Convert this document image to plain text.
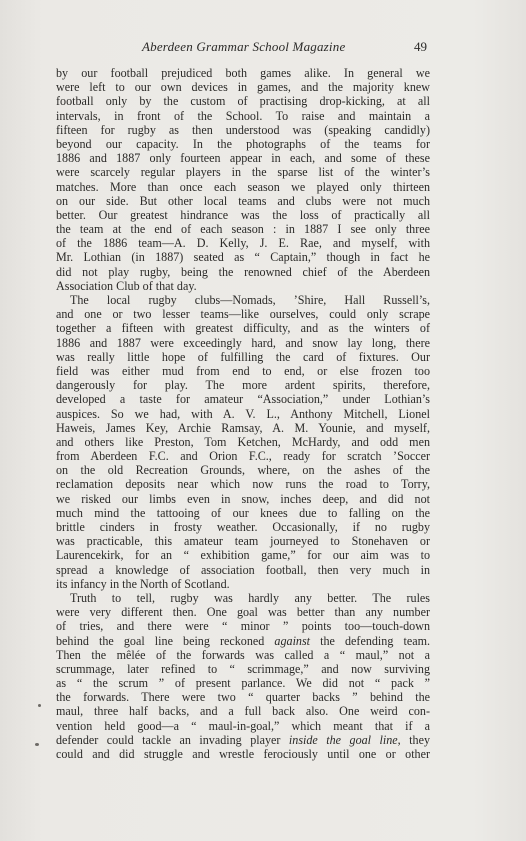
Aberdeen Grammar School Magazine	49
by our football prejudiced both games alike. In general we
were left to our own devices in games, and the majority knew
football only by the custom of practising drop-kicking, at all
intervals, in front of the School. To raise and maintain a
fifteen for rugby as then understood was (speaking candidly)
beyond our capacity. In the photographs of the teams for
1886 and 1887 only fourteen appear in each, and some of these
were scarcely regular players in the sparse list of the winter’s
matches. More than once each season we played only thirteen
on our side. But other local teams and clubs were not much
better. Our greatest hindrance was the loss of practically all
the team at the end of each season : in 1887 I see only three
of the 1886 team—A. D. Kelly, J. E. Rae, and myself, with
Mr. Lothian (in 1887) seated as “ Captain,” though in fact he
did not play rugby, being the renowned chief of the Aberdeen
Association Club of that day.
The local rugby clubs—Nomads, ’Shire, Hall Russell’s,
and one or two lesser teams—like ourselves, could only scrape
together a fifteen with greatest difficulty, and as the winters of
1886 and 1887 were exceedingly hard, and snow lay long, there
was really little hope of fulfilling the card of fixtures. Our
field was either mud from end to end, or else frozen too
dangerously for play. The more ardent spirits, therefore,
developed a taste for amateur “Association,” under Lothian’s
auspices. So we had, with A. V. L., Anthony Mitchell, Lionel
Haweis, James Key, Archie Ramsay, A. M. Younie, and myself,
and others like Preston, Tom Ketchen, McHardy, and odd men
from Aberdeen F.C. and Orion F.C., ready for scratch ’Soccer
on the old Recreation Grounds, where, on the ashes of the
reclamation deposits near which now runs the road to Torry,
we risked our limbs even in snow, inches deep, and did not
much mind the tattooing of our knees due to falling on the
brittle cinders in frosty weather. Occasionally, if no rugby
was practicable, this amateur team journeyed to Stonehaven or
Laurencekirk, for an “ exhibition game,” for our aim was to
spread a knowledge of association football, then very much in
its infancy in the North of Scotland.
Truth to tell, rugby was hardly any better. The rules
were very different then. One goal was better than any number
of tries, and there were “ minor ” points too—touch-down
behind the goal line being reckoned against the defending team.
Then the mêlée of the forwards was called a “ maul,” not a
scrummage, later refined to “ scrimmage,” and now surviving
as “ the scrum ” of present parlance. We did not “ pack ”
the forwards. There were two “ quarter backs ” behind the
maul, three half backs, and a full back also. One weird con-
vention held good—a “ maul-in-goal,” which meant that if a
defender could tackle an invading player inside the goal line, they
could and did struggle and wrestle ferociously until one or other
